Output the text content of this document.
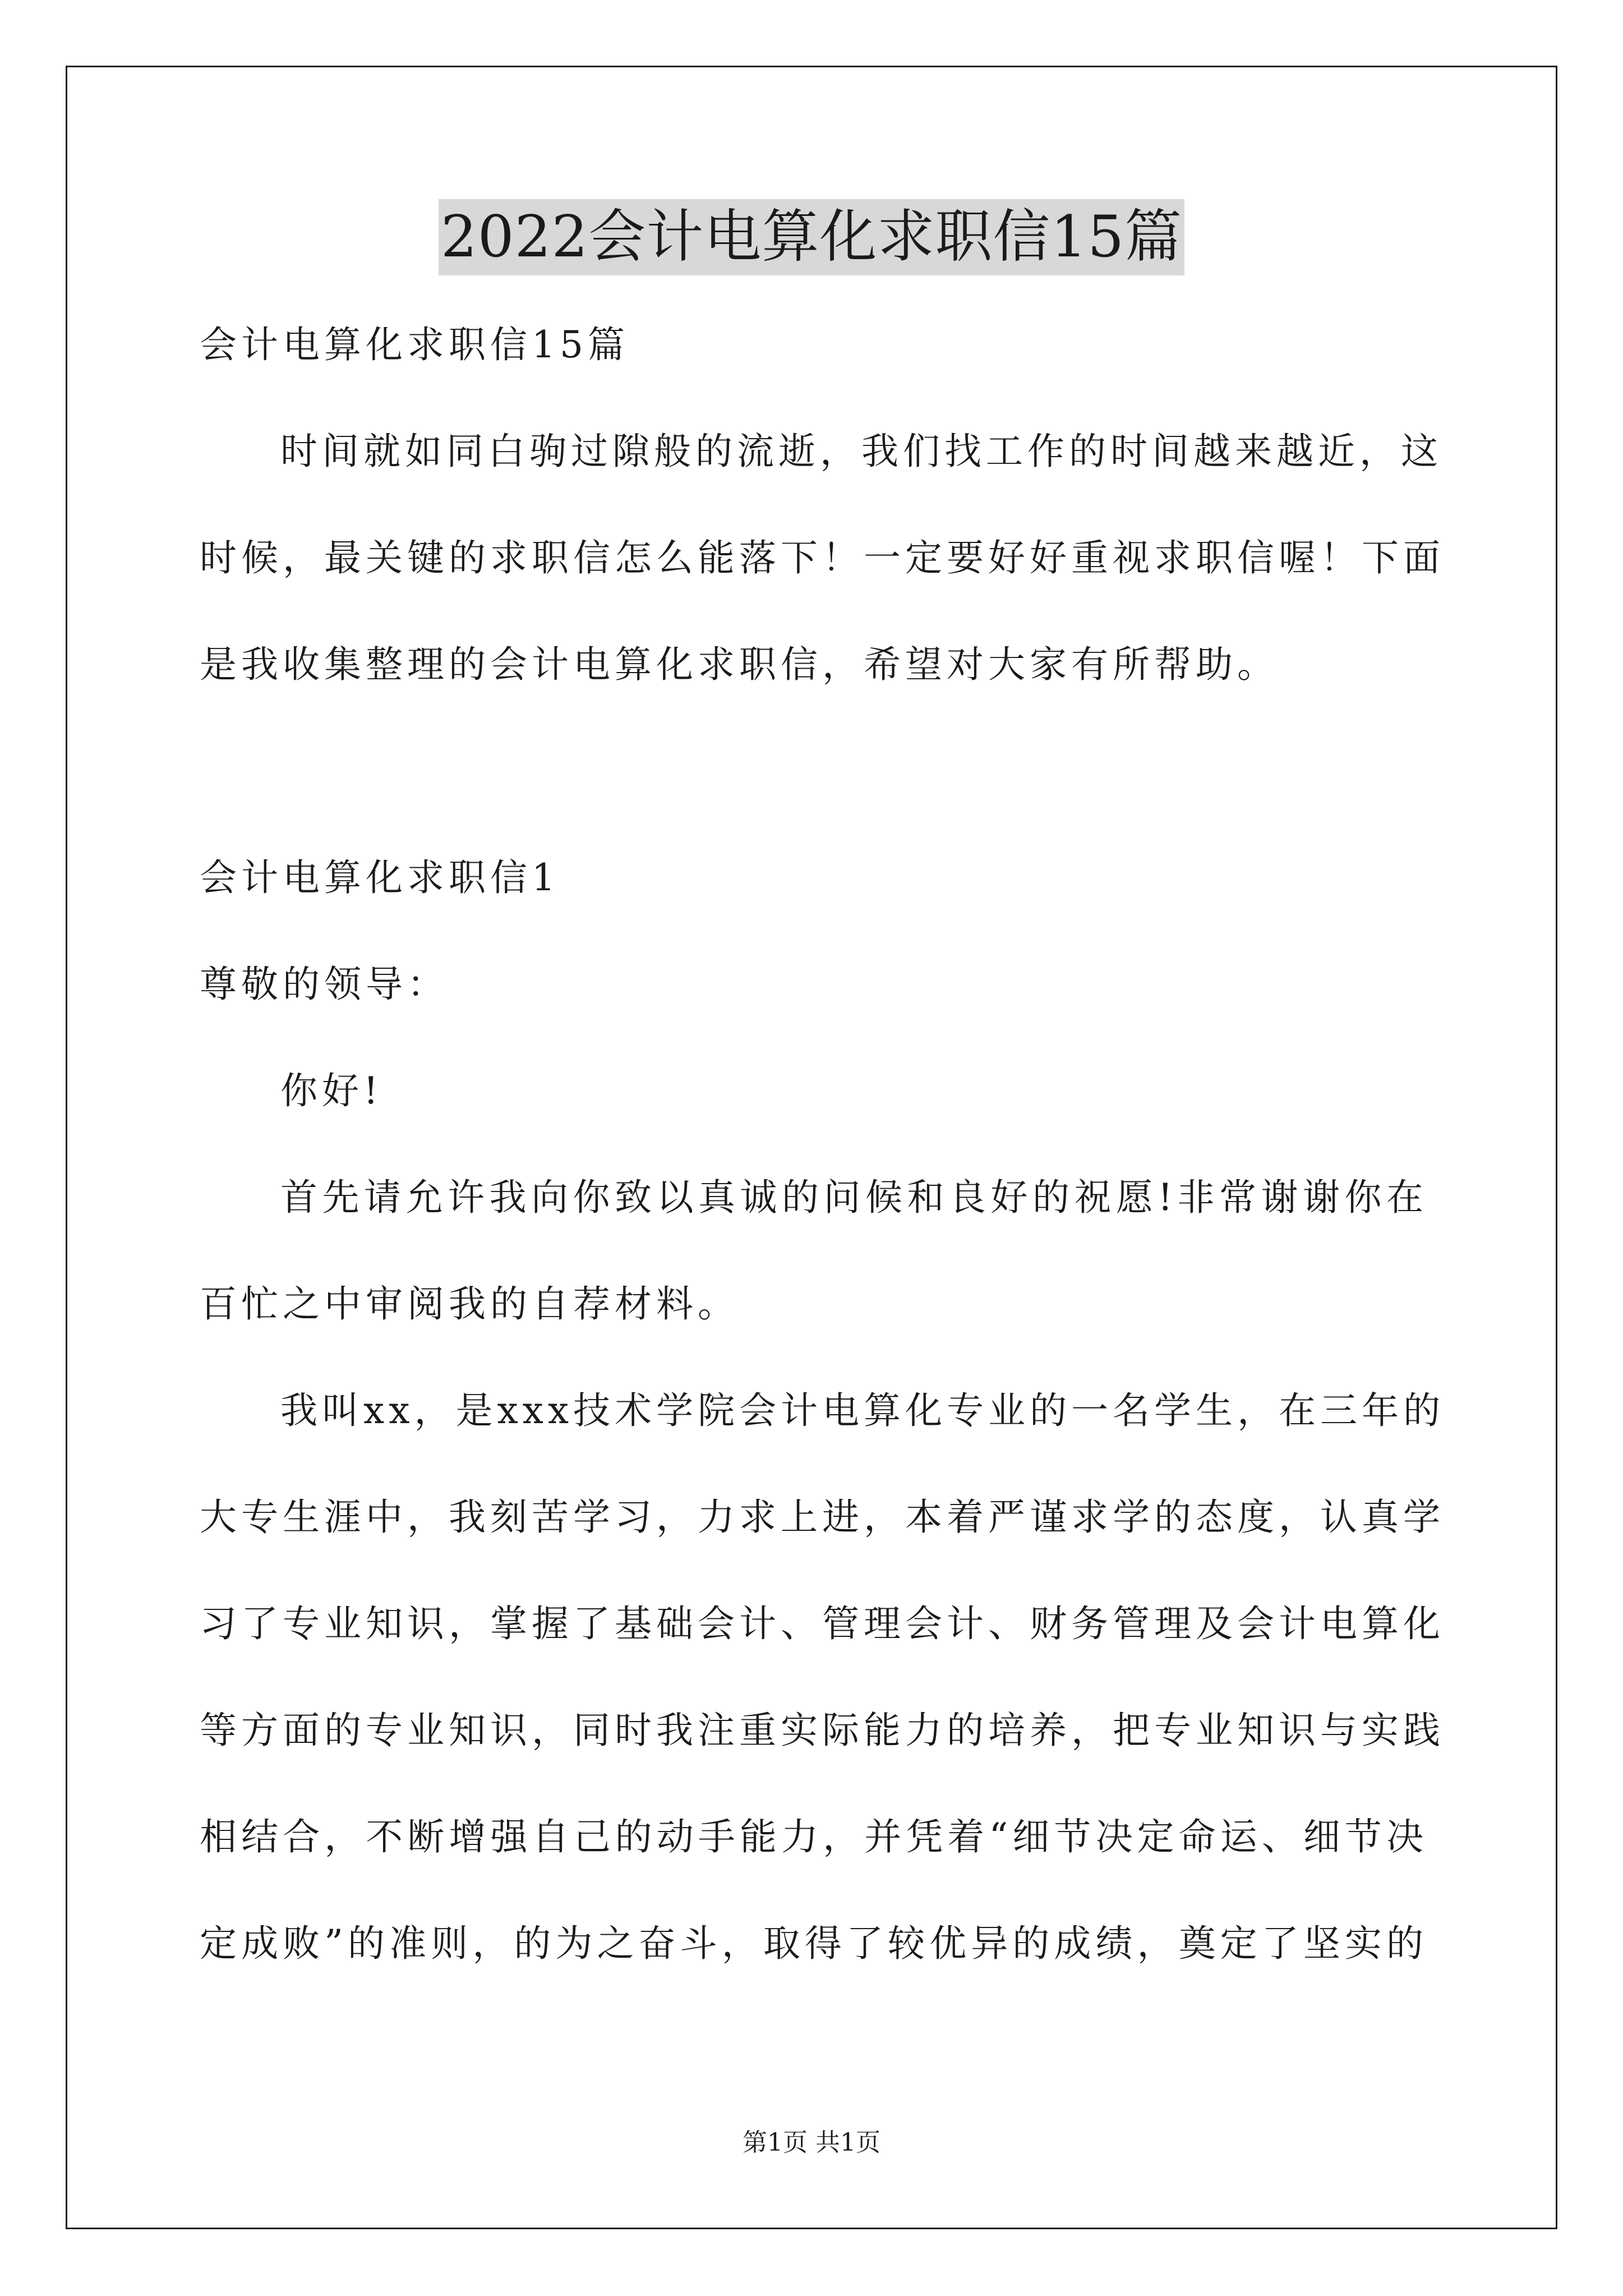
2022会计电算化求职信15篇
会计电算化求职信15篇
时间就如同白驹过隙般的流逝，我们找工作的时间越来越近，这
时候，最关键的求职信怎么能落下！一定要好好重视求职信喔！下面
是我收集整理的会计电算化求职信，希望对大家有所帮助。
会计电算化求职信1
尊敬的领导：
你好!
首先请允许我向你致以真诚的问候和良好的祝愿!非常谢谢你在
百忙之中审阅我的自荐材料。
我叫xx，是xxx技术学院会计电算化专业的一名学生，在三年的
大专生涯中，我刻苦学习，力求上进，本着严谨求学的态度，认真学
习了专业知识，掌握了基础会计、管理会计、财务管理及会计电算化
等方面的专业知识，同时我注重实际能力的培养，把专业知识与实践
相结合，不断增强自己的动手能力，并凭着“细节决定命运、细节决
定成败”的准则，的为之奋斗，取得了较优异的成绩，奠定了坚实的
第1页 共1页
